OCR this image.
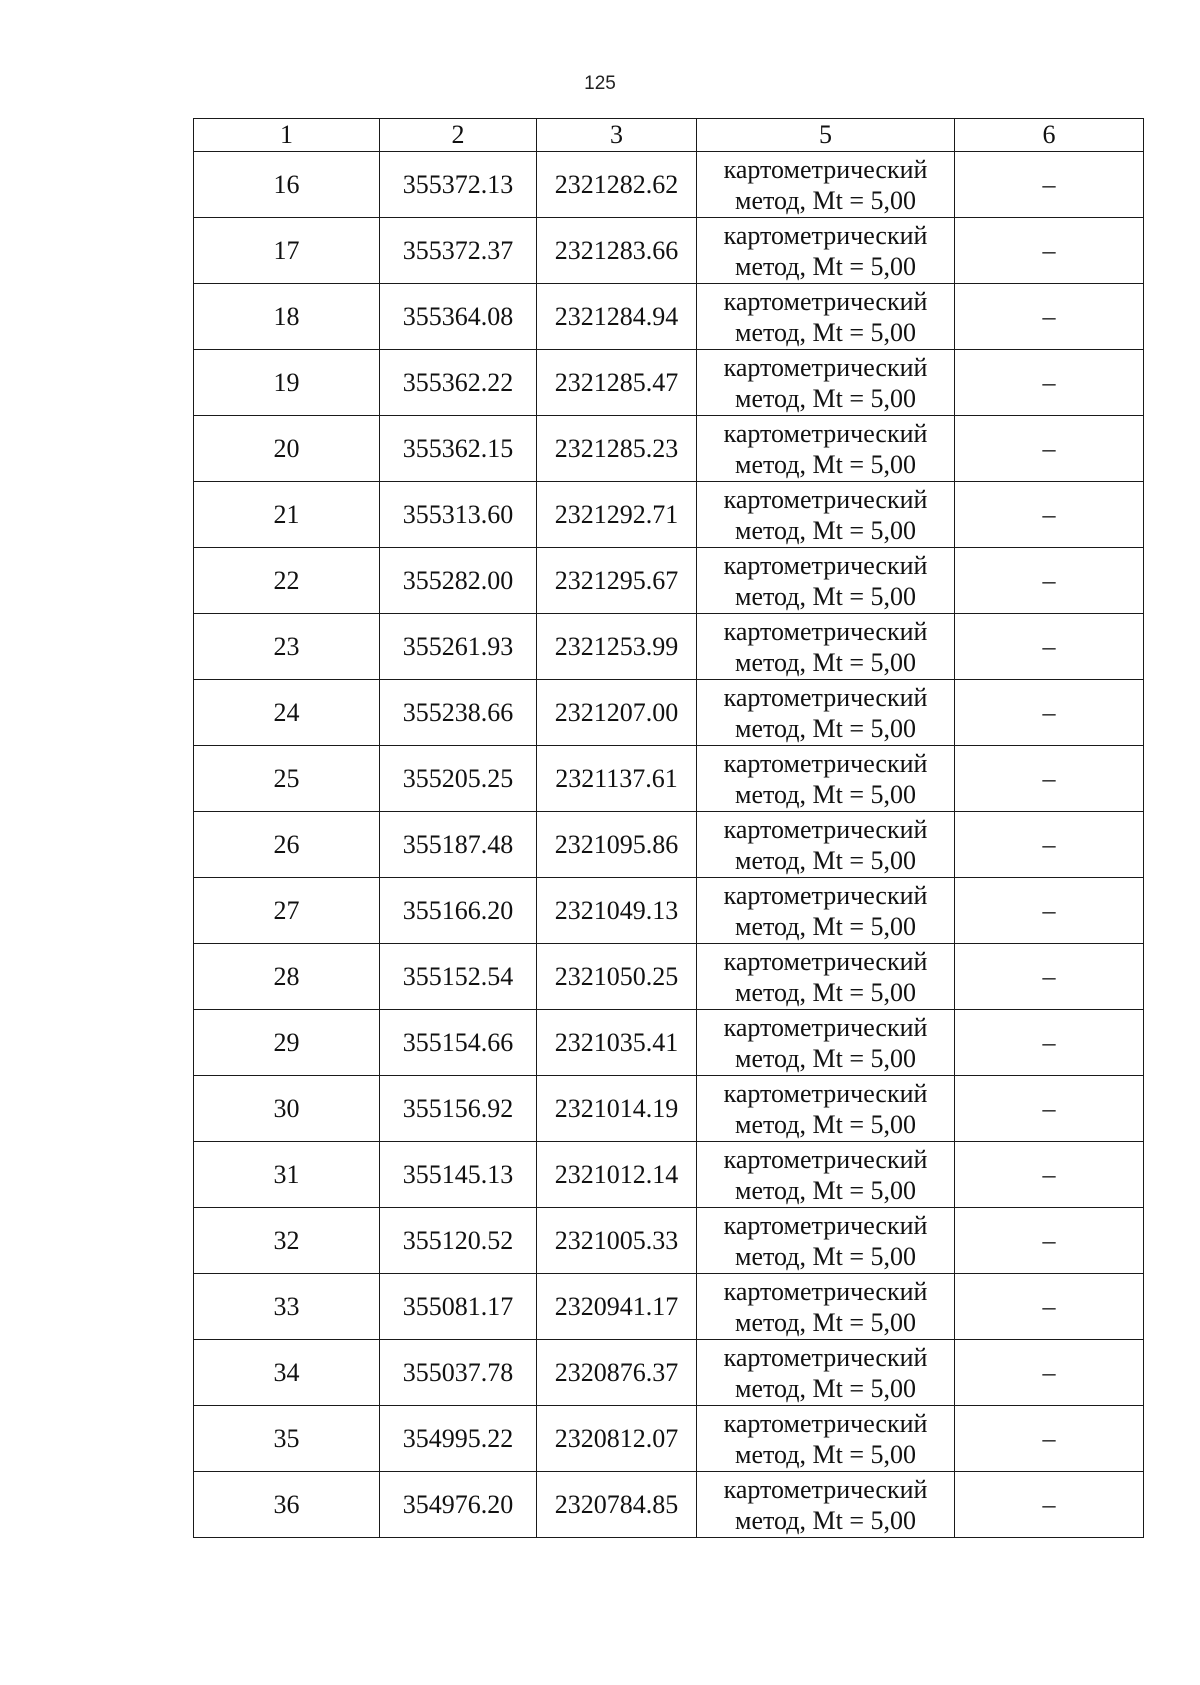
125
1	2	3	5	6
16	355372.13	2321282.62	картометрический
метод, Mt = 5,00	–
17	355372.37	2321283.66	картометрический
метод, Mt = 5,00	–
18	355364.08	2321284.94	картометрический
метод, Mt = 5,00	–
19	355362.22	2321285.47	картометрический
метод, Mt = 5,00	–
20	355362.15	2321285.23	картометрический
метод, Mt = 5,00	–
21	355313.60	2321292.71	картометрический
метод, Mt = 5,00	–
22	355282.00	2321295.67	картометрический
метод, Mt = 5,00	–
23	355261.93	2321253.99	картометрический
метод, Mt = 5,00	–
24	355238.66	2321207.00	картометрический
метод, Mt = 5,00	–
25	355205.25	2321137.61	картометрический
метод, Mt = 5,00	–
26	355187.48	2321095.86	картометрический
метод, Mt = 5,00	–
27	355166.20	2321049.13	картометрический
метод, Mt = 5,00	–
28	355152.54	2321050.25	картометрический
метод, Mt = 5,00	–
29	355154.66	2321035.41	картометрический
метод, Mt = 5,00	–
30	355156.92	2321014.19	картометрический
метод, Mt = 5,00	–
31	355145.13	2321012.14	картометрический
метод, Mt = 5,00	–
32	355120.52	2321005.33	картометрический
метод, Mt = 5,00	–
33	355081.17	2320941.17	картометрический
метод, Mt = 5,00	–
34	355037.78	2320876.37	картометрический
метод, Mt = 5,00	–
35	354995.22	2320812.07	картометрический
метод, Mt = 5,00	–
36	354976.20	2320784.85	картометрический
метод, Mt = 5,00	–
